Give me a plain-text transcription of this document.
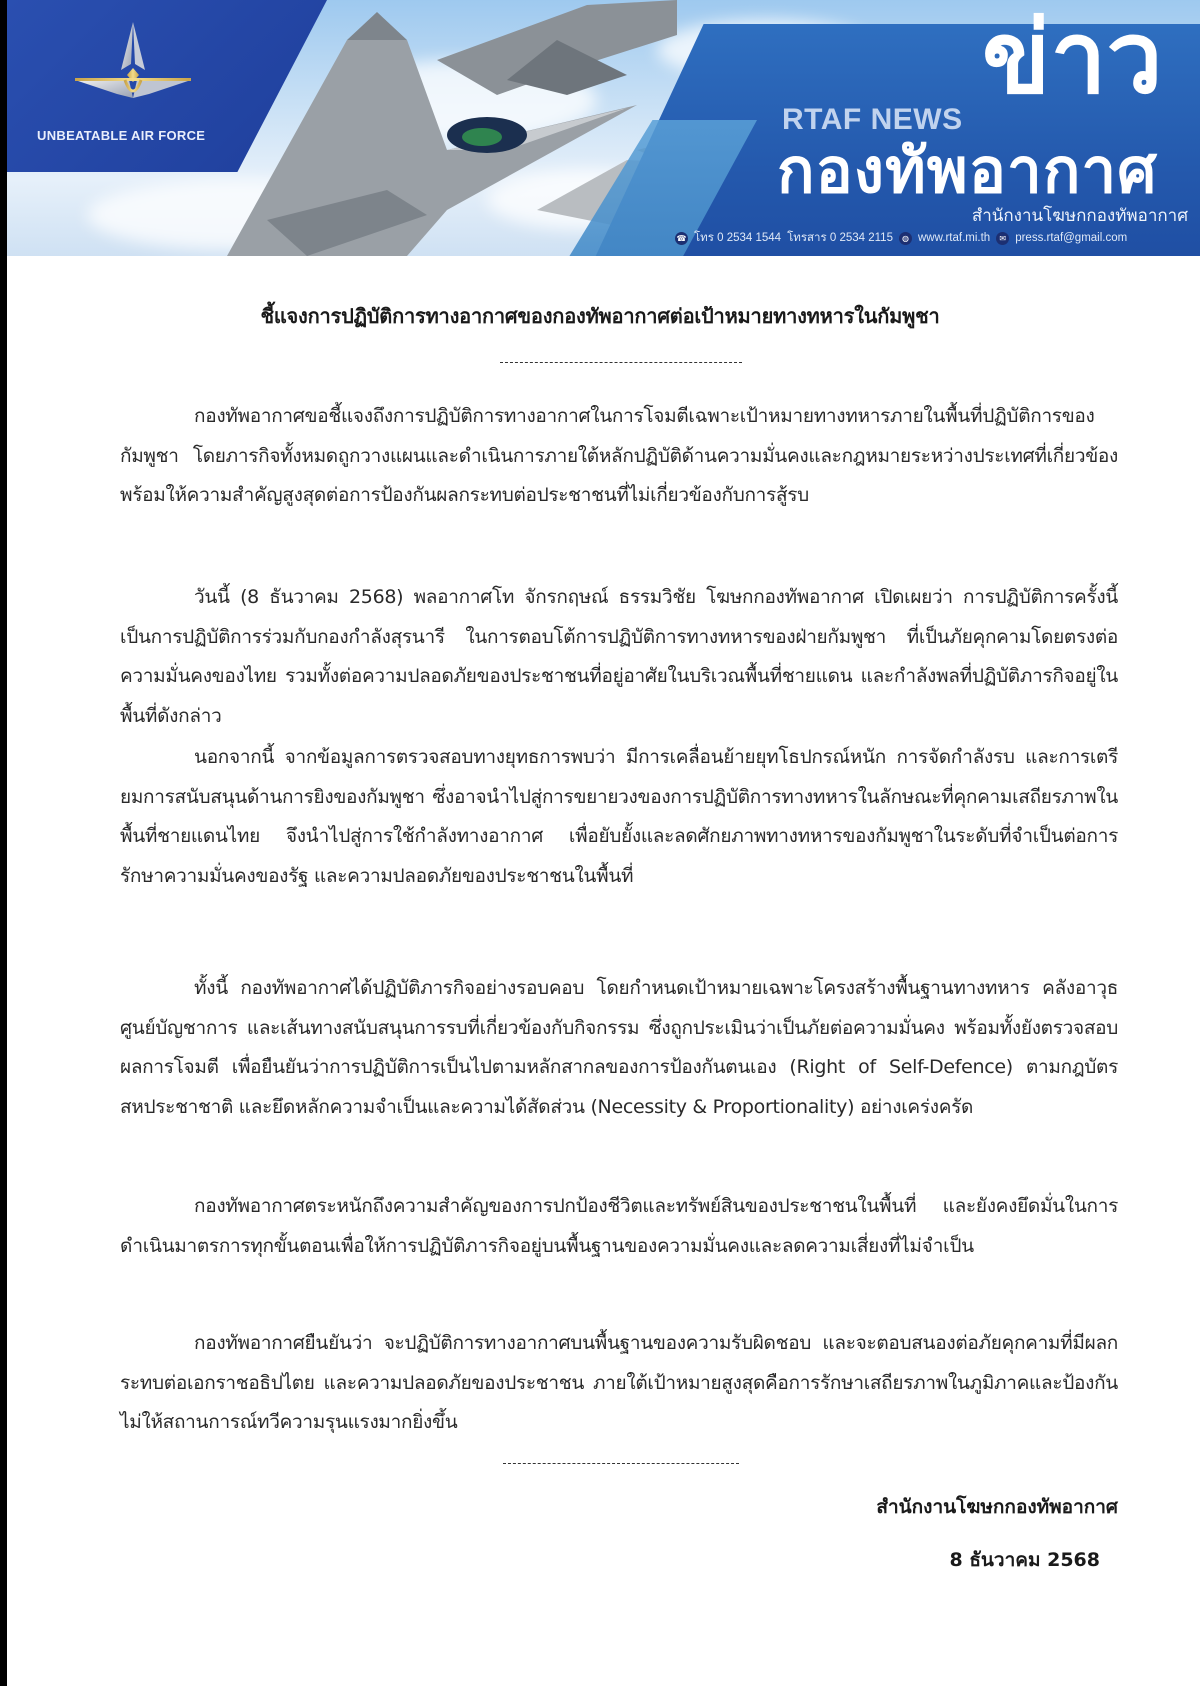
UNBEATABLE AIR FORCE	RTAF NEWS
ข่าว
กองทัพอากาศ
สำนักงานโฆษกกองทัพอากาศ
☎ โทร 0 2534 1544 โทรสาร 0 2534 2115	◍ www.rtaf.mi.th	✉ press.rtaf@gmail.com
ชี้แจงการปฏิบัติการทางอากาศของกองทัพอากาศต่อเป้าหมายทางทหารในกัมพูชา
กองทัพอากาศขอชี้แจงถึงการปฏิบัติการทางอากาศในการโจมตีเฉพาะเป้าหมายทางทหารภายในพื้นที่ปฏิบัติการของกัมพูชา โดยภารกิจทั้งหมดถูกวางแผนและดำเนินการภายใต้หลักปฏิบัติด้านความมั่นคงและกฎหมายระหว่างประเทศที่เกี่ยวข้อง พร้อมให้ความสำคัญสูงสุดต่อการป้องกันผลกระทบต่อประชาชนที่ไม่เกี่ยวข้องกับการสู้รบ
วันนี้ (8 ธันวาคม 2568) พลอากาศโท จักรกฤษณ์ ธรรมวิชัย โฆษกกองทัพอากาศ เปิดเผยว่า การปฏิบัติการครั้งนี้เป็นการปฏิบัติการร่วมกับกองกำลังสุรนารี ในการตอบโต้การปฏิบัติการทางทหารของฝ่ายกัมพูชา ที่เป็นภัยคุกคามโดยตรงต่อความมั่นคงของไทย รวมทั้งต่อความปลอดภัยของประชาชนที่อยู่อาศัยในบริเวณพื้นที่ชายแดน และกำลังพลที่ปฏิบัติภารกิจอยู่ในพื้นที่ดังกล่าว
นอกจากนี้ จากข้อมูลการตรวจสอบทางยุทธการพบว่า มีการเคลื่อนย้ายยุทโธปกรณ์หนัก การจัดกำลังรบ และการเตรียมการสนับสนุนด้านการยิงของกัมพูชา ซึ่งอาจนำไปสู่การขยายวงของการปฏิบัติการทางทหารในลักษณะที่คุกคามเสถียรภาพในพื้นที่ชายแดนไทย จึงนำไปสู่การใช้กำลังทางอากาศ เพื่อยับยั้งและลดศักยภาพทางทหารของกัมพูชาในระดับที่จำเป็นต่อการรักษาความมั่นคงของรัฐ และความปลอดภัยของประชาชนในพื้นที่
ทั้งนี้ กองทัพอากาศได้ปฏิบัติภารกิจอย่างรอบคอบ โดยกำหนดเป้าหมายเฉพาะโครงสร้างพื้นฐานทางทหาร คลังอาวุธ ศูนย์บัญชาการ และเส้นทางสนับสนุนการรบที่เกี่ยวข้องกับกิจกรรม ซึ่งถูกประเมินว่าเป็นภัยต่อความมั่นคง พร้อมทั้งยังตรวจสอบผลการโจมตี เพื่อยืนยันว่าการปฏิบัติการเป็นไปตามหลักสากลของการป้องกันตนเอง (Right of Self-Defence) ตามกฎบัตรสหประชาชาติ และยึดหลักความจำเป็นและความได้สัดส่วน (Necessity & Proportionality) อย่างเคร่งครัด
กองทัพอากาศตระหนักถึงความสำคัญของการปกป้องชีวิตและทรัพย์สินของประชาชนในพื้นที่ และยังคงยึดมั่นในการดำเนินมาตรการทุกขั้นตอนเพื่อให้การปฏิบัติภารกิจอยู่บนพื้นฐานของความมั่นคงและลดความเสี่ยงที่ไม่จำเป็น
กองทัพอากาศยืนยันว่า จะปฏิบัติการทางอากาศบนพื้นฐานของความรับผิดชอบ และจะตอบสนองต่อภัยคุกคามที่มีผลกระทบต่อเอกราชอธิปไตย และความปลอดภัยของประชาชน ภายใต้เป้าหมายสูงสุดคือการรักษาเสถียรภาพในภูมิภาคและป้องกันไม่ให้สถานการณ์ทวีความรุนแรงมากยิ่งขึ้น
สำนักงานโฆษกกองทัพอากาศ
8 ธันวาคม 2568
